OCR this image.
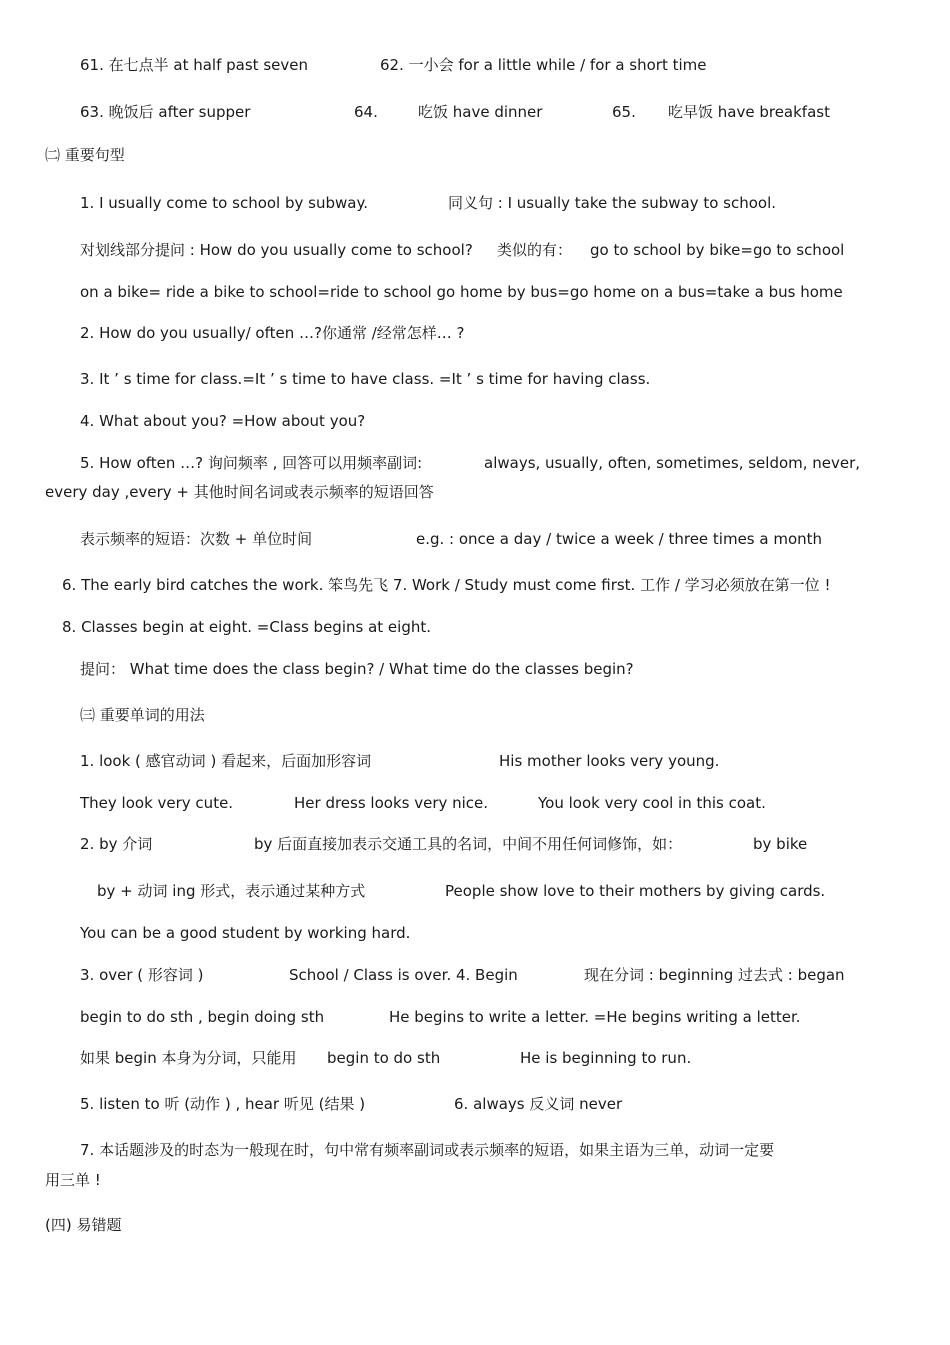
61. 在七点半 at half past seven	62. 一小会 for a little while / for a short time
63. 晚饭后 after supper	64.	吃饭 have dinner	65. 吃早饭 have breakfast
㈡ 重要句型
1. I usually come to school by subway.	同义句 : I usually take the subway to school.
对划线部分提问 : How do you usually come to school? 类似的有： go to school by bike=go to school
on a bike= ride a bike to school=ride to school go home by bus=go home on a bus=take a bus home
2. How do you usually/ often …?你通常 /经常怎样… ?
3. It ’ s time for class.=It ’ s time to have class. =It ’ s time for having class.
4. What about you? =How about you?
5. How often …? 询问频率 , 回答可以用频率副词:	always, usually, often, sometimes, seldom, never,
every day ,every + 其他时间名词或表示频率的短语回答
表示频率的短语：次数 + 单位时间	e.g. : once a day / twice a week / three times a month
6. The early bird catches the work. 笨鸟先飞 7. Work / Study must come first. 工作 / 学习必须放在第一位 !
8. Classes begin at eight. =Class begins at eight.
提问： What time does the class begin? / What time do the classes begin?
㈢ 重要单词的用法
1. look ( 感官动词 ) 看起来，后面加形容词	His mother looks very young.
They look very cute.	Her dress looks very nice.	You look very cool in this coat.
2. by 介词	by 后面直接加表示交通工具的名词，中间不用任何词修饰，如：	by bike
by + 动词 ing 形式，表示通过某种方式	People show love to their mothers by giving cards.
You can be a good student by working hard.
3. over ( 形容词 )	School / Class is over. 4. Begin	现在分词 : beginning 过去式 : began
begin to do sth , begin doing sth	He begins to write a letter. =He begins writing a letter.
如果 begin 本身为分词，只能用 begin to do sth	He is beginning to run.
5. listen to 听 (动作 ) , hear 听见 (结果 )	6. always 反义词 never
7. 本话题涉及的时态为一般现在时，句中常有频率副词或表示频率的短语，如果主语为三单，动词一定要
用三单 !
(四) 易错题
